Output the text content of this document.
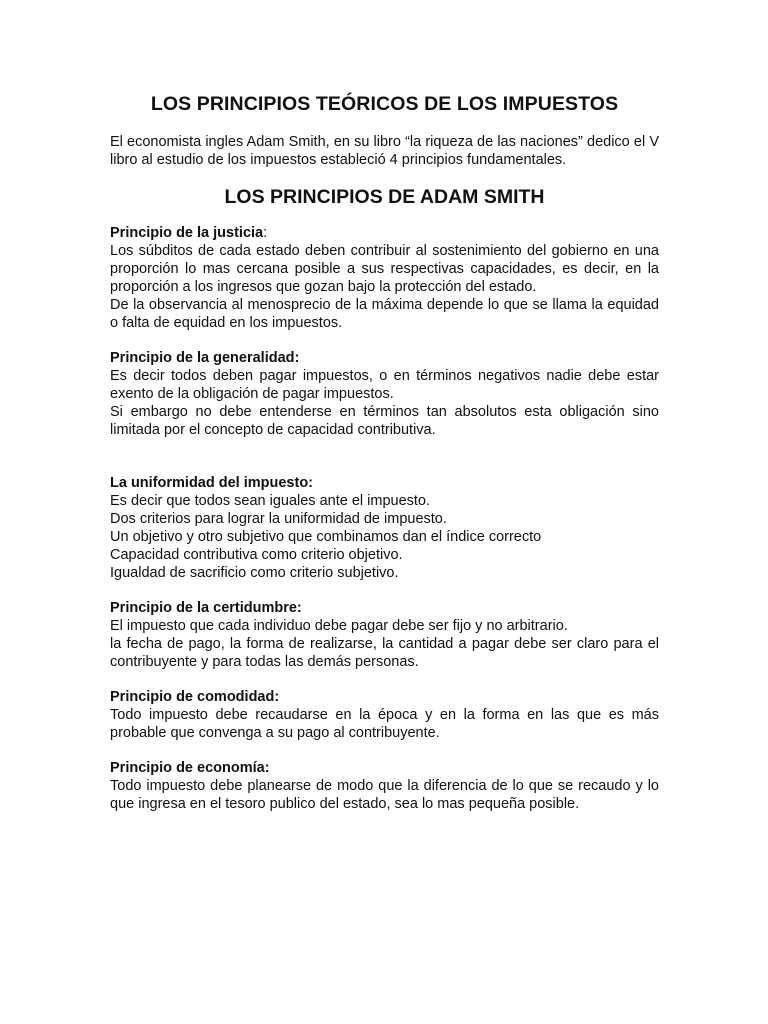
LOS PRINCIPIOS TEÓRICOS DE LOS IMPUESTOS

El economista ingles Adam Smith, en su libro “la riqueza de las naciones” dedico el V libro al estudio de los impuestos estableció 4 principios fundamentales.

LOS PRINCIPIOS DE ADAM SMITH

Principio de la justicia:

Los súbditos de cada estado deben contribuir al sostenimiento del gobierno en una proporción lo mas cercana posible a sus respectivas capacidades, es decir, en la proporción a los ingresos que gozan bajo la protección del estado.

De la observancia al menosprecio de la máxima depende lo que se llama la equidad o falta de equidad en los impuestos.

Principio de la generalidad:

Es decir todos deben pagar impuestos, o en términos negativos nadie debe estar exento de la obligación de pagar impuestos.

Si embargo no debe entenderse en términos tan absolutos esta obligación sino limitada por el concepto de capacidad contributiva.

La uniformidad del impuesto:

Es decir que todos sean iguales ante el impuesto.

Dos criterios para lograr la uniformidad de impuesto.

Un objetivo y otro subjetivo que combinamos dan el índice correcto

Capacidad contributiva como criterio objetivo.

Igualdad de sacrificio como criterio subjetivo.

Principio de la certidumbre:

El impuesto que cada individuo debe pagar debe ser fijo y no arbitrario.

la fecha de pago, la forma de realizarse, la cantidad a pagar debe ser claro para el contribuyente y para todas las demás personas.

Principio de comodidad:

Todo impuesto debe recaudarse en la época y en la forma en las que es más probable que convenga a su pago al contribuyente.

Principio de economía:

Todo impuesto debe planearse de modo que la diferencia de lo que se recaudo y lo que ingresa en el tesoro publico del estado, sea lo mas pequeña posible.
